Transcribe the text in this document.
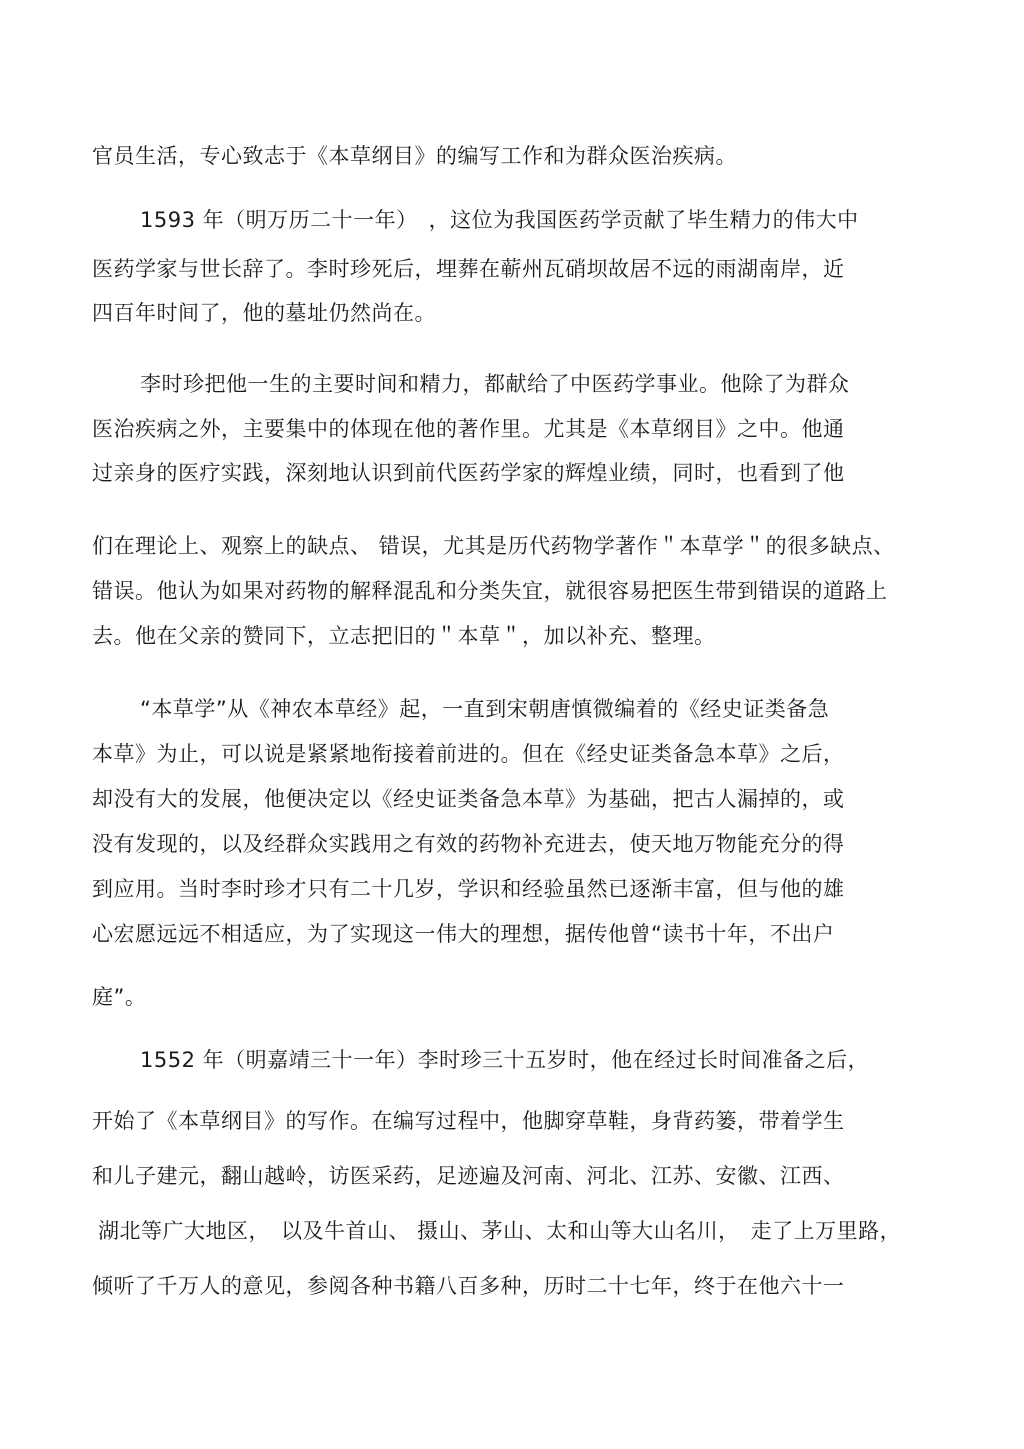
官员生活，专心致志于《本草纲目》的编写工作和为群众医治疾病。
1593 年（明万历二十一年）　，这位为我国医药学贡献了毕生精力的伟大中
医药学家与世长辞了。李时珍死后，埋葬在蕲州瓦硝坝故居不远的雨湖南岸，近
四百年时间了，他的墓址仍然尚在。
李时珍把他一生的主要时间和精力，都献给了中医药学事业。他除了为群众
医治疾病之外，主要集中的体现在他的著作里。尤其是《本草纲目》之中。他通
过亲身的医疗实践，深刻地认识到前代医药学家的辉煌业绩，同时，也看到了他
们在理论上、观察上的缺点、 错误，尤其是历代药物学著作＂本草学＂的很多缺点、
错误。他认为如果对药物的解释混乱和分类失宜，就很容易把医生带到错误的道路上
去。他在父亲的赞同下，立志把旧的＂本草＂，加以补充、整理。
“本草学”从《神农本草经》起，一直到宋朝唐慎微编着的《经史证类备急
本草》为止，可以说是紧紧地衔接着前进的。但在《经史证类备急本草》之后，
却没有大的发展，他便决定以《经史证类备急本草》为基础，把古人漏掉的，或
没有发现的，以及经群众实践用之有效的药物补充进去，使天地万物能充分的得
到应用。当时李时珍才只有二十几岁，学识和经验虽然已逐渐丰富，但与他的雄
心宏愿远远不相适应，为了实现这一伟大的理想，据传他曾“读书十年，不出户
庭”。
1552 年（明嘉靖三十一年）李时珍三十五岁时，他在经过长时间准备之后，
开始了《本草纲目》的写作。在编写过程中，他脚穿草鞋，身背药篓，带着学生
和儿子建元，翻山越岭，访医采药，足迹遍及河南、河北、江苏、安徽、江西、
湖北等广大地区，　以及牛首山、 摄山、茅山、太和山等大山名川，　走了上万里路，
倾听了千万人的意见，参阅各种书籍八百多种，历时二十七年，终于在他六十一
